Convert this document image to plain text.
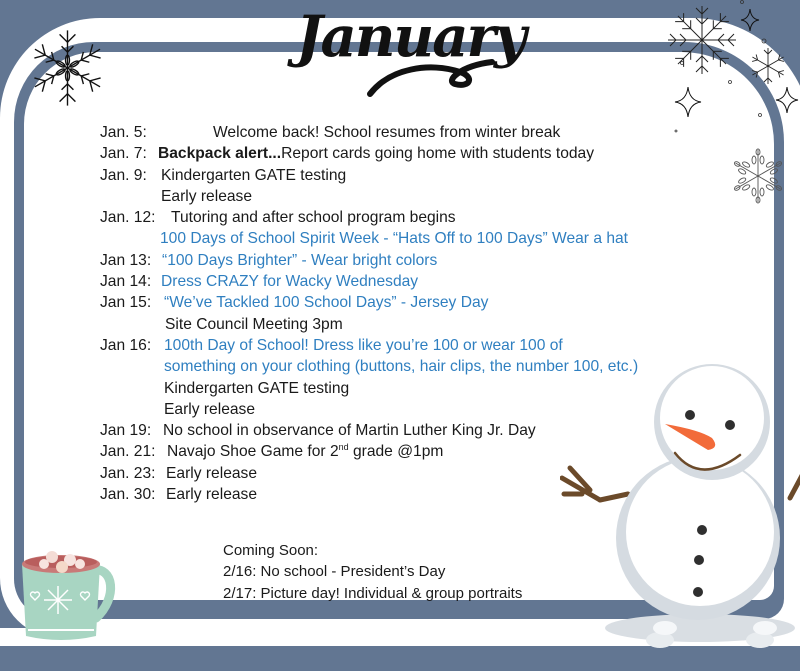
January
Jan. 5:	Welcome back! School resumes from winter break
Jan. 7: Backpack alert... Report cards going home with students today
Jan. 9: Kindergarten GATE testing
Early release
Jan. 12: Tutoring and after school program begins
100 Days of School Spirit Week - “Hats Off to 100 Days” Wear a hat
Jan 13: “100 Days Brighter” - Wear bright colors
Jan 14: Dress CRAZY for Wacky Wednesday
Jan 15: “We’ve Tackled 100 School Days” - Jersey Day
Site Council Meeting 3pm
Jan 16: 100th Day of School! Dress like you’re 100 or wear 100 of
something on your clothing (buttons, hair clips, the number 100, etc.)
Kindergarten GATE testing
Early release
Jan 19: No school in observance of Martin Luther King Jr. Day
Jan. 21: Navajo Shoe Game for 2nd grade @1pm
Jan. 23: Early release
Jan. 30: Early release
Coming Soon:
2/16: No school - President’s Day
2/17: Picture day! Individual & group portraits
